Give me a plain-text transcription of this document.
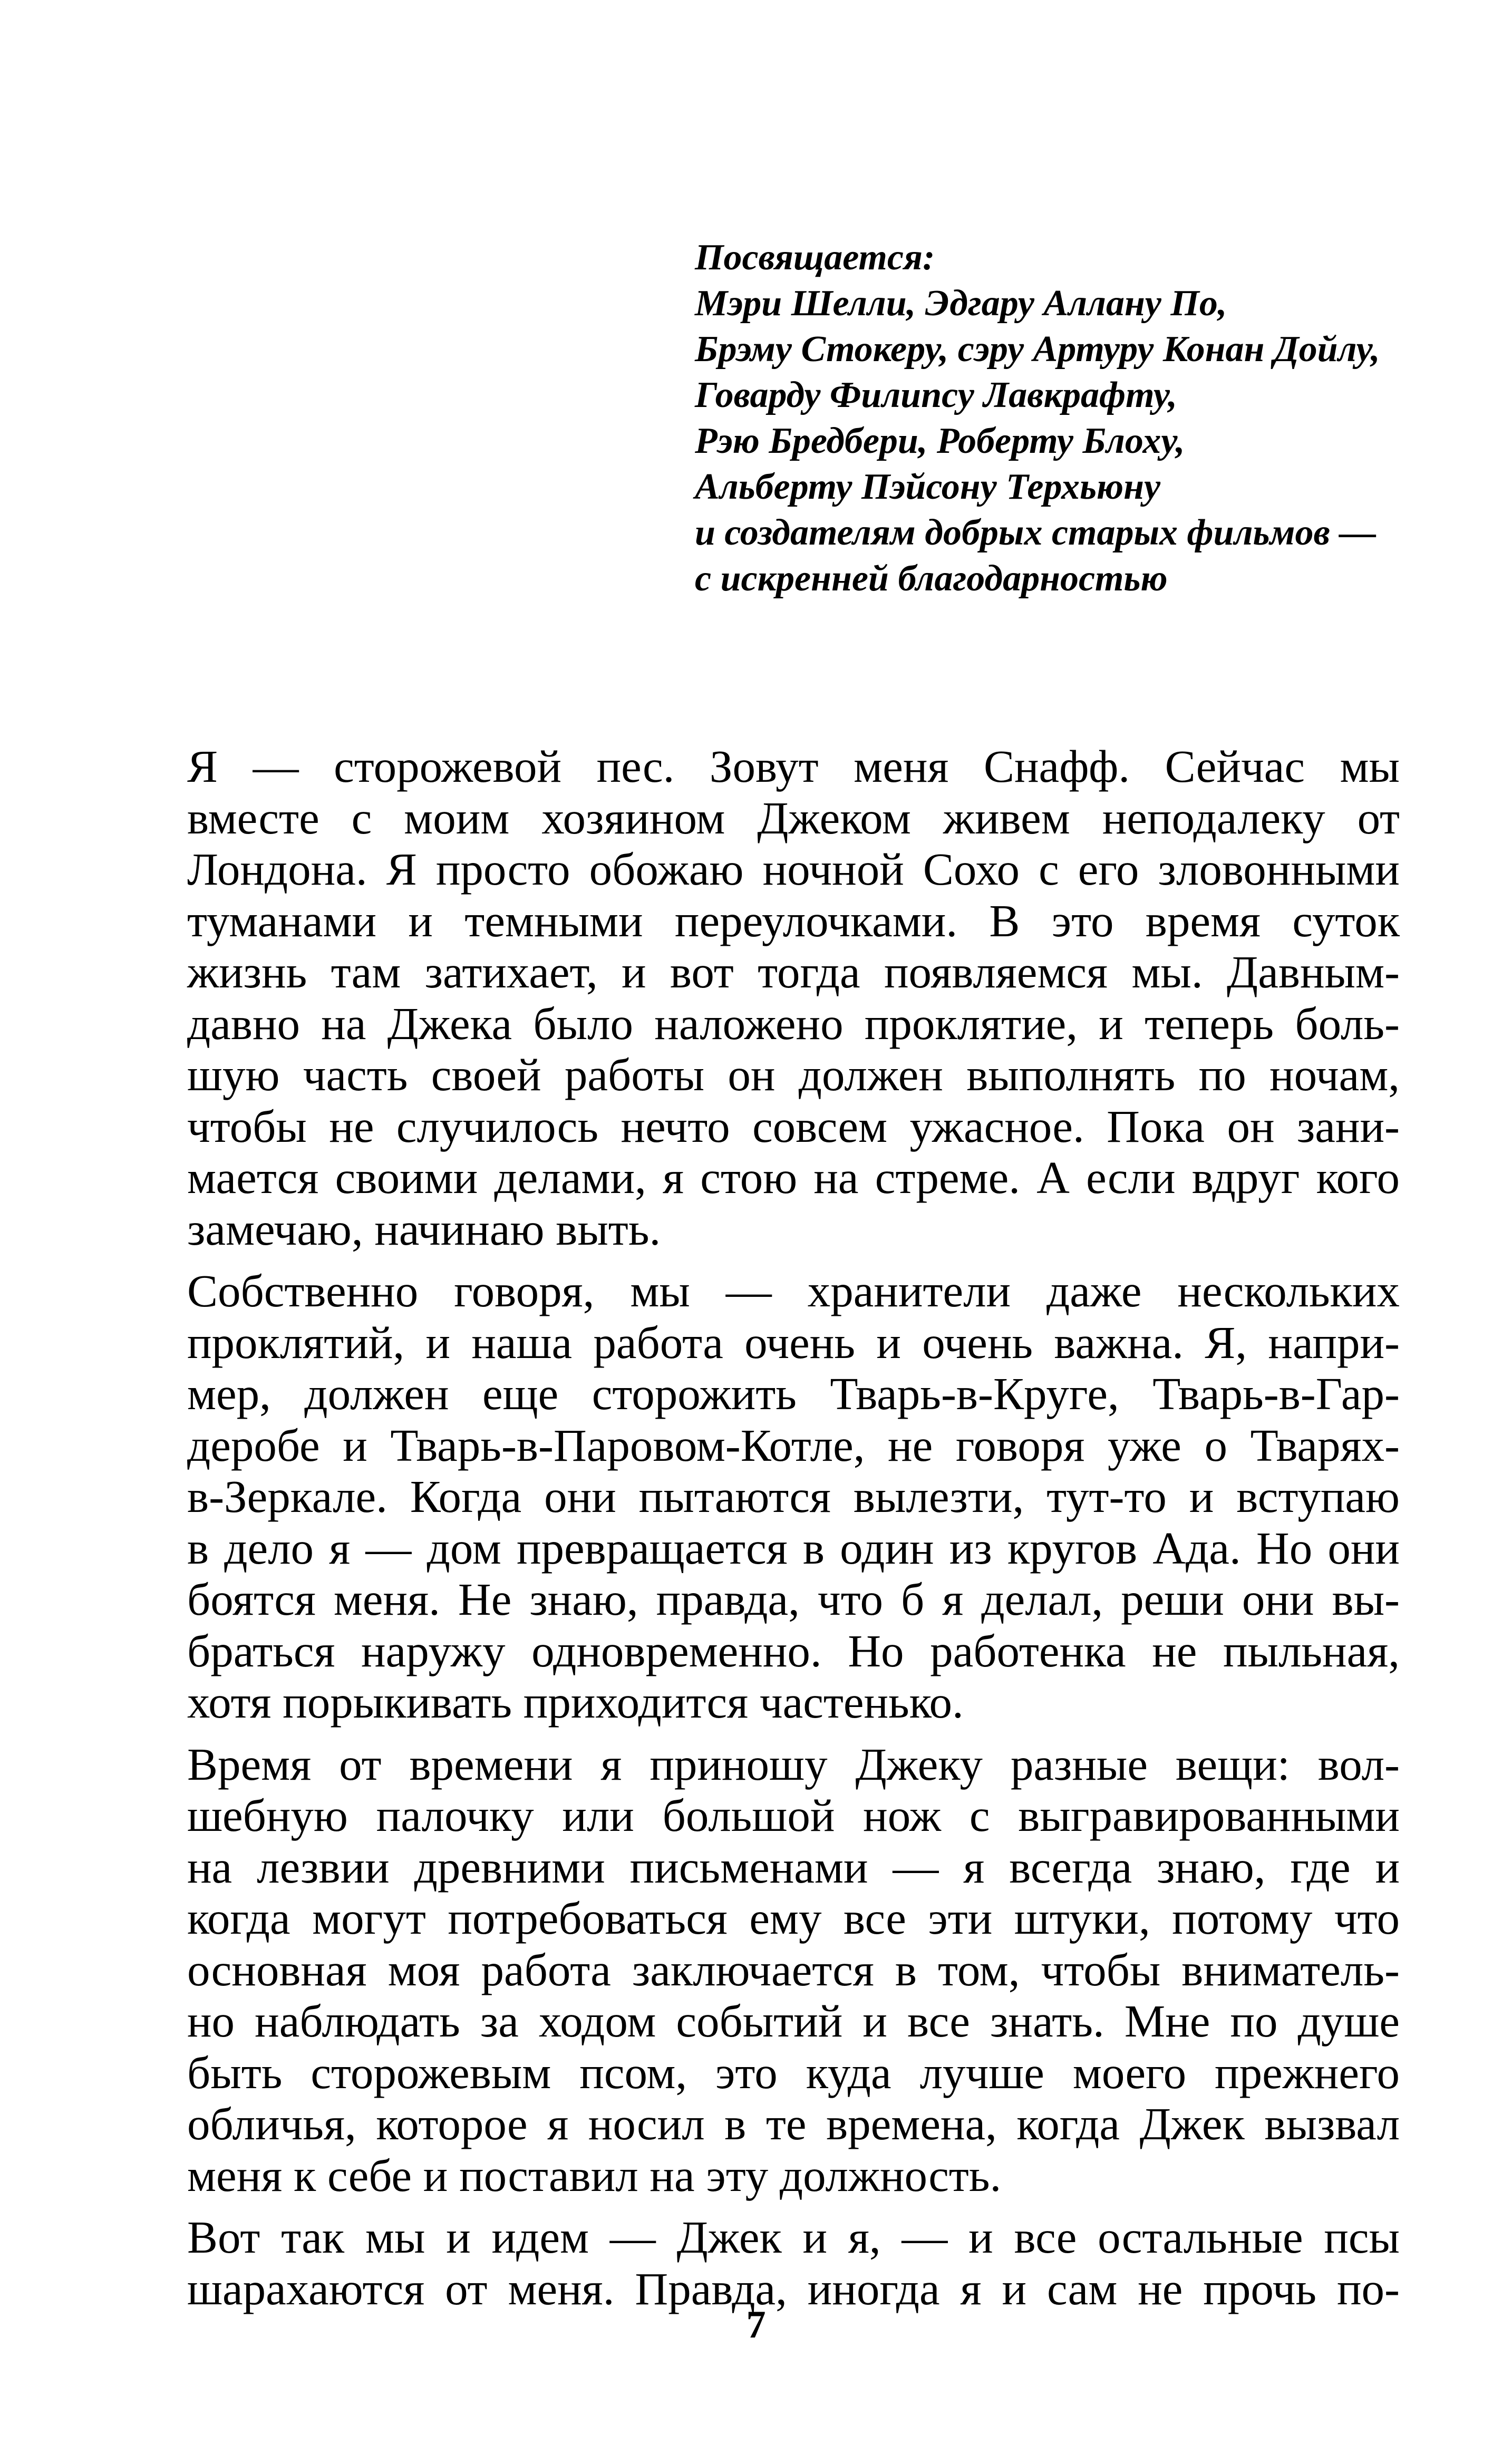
Посвящается:
Мэри Шелли, Эдгару Аллану По,
Брэму Стокеру, сэру Артуру Конан Дойлу,
Говарду Филипсу Лавкрафту,
Рэю Бредбери, Роберту Блоху,
Альберту Пэйсону Терхьюну
и создателям добрых старых фильмов —
с искренней благодарностью
Я — сторожевой пес. Зовут меня Снафф. Сейчас мы
вместе с моим хозяином Джеком живем неподалеку от
Лондона. Я просто обожаю ночной Сохо с его зловонными
туманами и темными переулочками. В это время суток
жизнь там затихает, и вот тогда появляемся мы. Давным-
давно на Джека было наложено проклятие, и теперь боль-
шую часть своей работы он должен выполнять по ночам,
чтобы не случилось нечто совсем ужасное. Пока он зани-
мается своими делами, я стою на стреме. А если вдруг кого
замечаю, начинаю выть.
Собственно говоря, мы — хранители даже нескольких
проклятий, и наша работа очень и очень важна. Я, напри-
мер, должен еще сторожить Тварь-в-Круге, Тварь-в-Гар-
деробе и Тварь-в-Паровом-Котле, не говоря уже о Тварях-
в-Зеркале. Когда они пытаются вылезти, тут-то и вступаю
в дело я — дом превращается в один из кругов Ада. Но они
боятся меня. Не знаю, правда, что б я делал, реши они вы-
браться наружу одновременно. Но работенка не пыльная,
хотя порыкивать приходится частенько.
Время от времени я приношу Джеку разные вещи: вол-
шебную палочку или большой нож с выгравированными
на лезвии древними письменами — я всегда знаю, где и
когда могут потребоваться ему все эти штуки, потому что
основная моя работа заключается в том, чтобы вниматель-
но наблюдать за ходом событий и все знать. Мне по душе
быть сторожевым псом, это куда лучше моего прежнего
обличья, которое я носил в те времена, когда Джек вызвал
меня к себе и поставил на эту должность.
Вот так мы и идем — Джек и я, — и все остальные псы
шарахаются от меня. Правда, иногда я и сам не прочь по-
7
